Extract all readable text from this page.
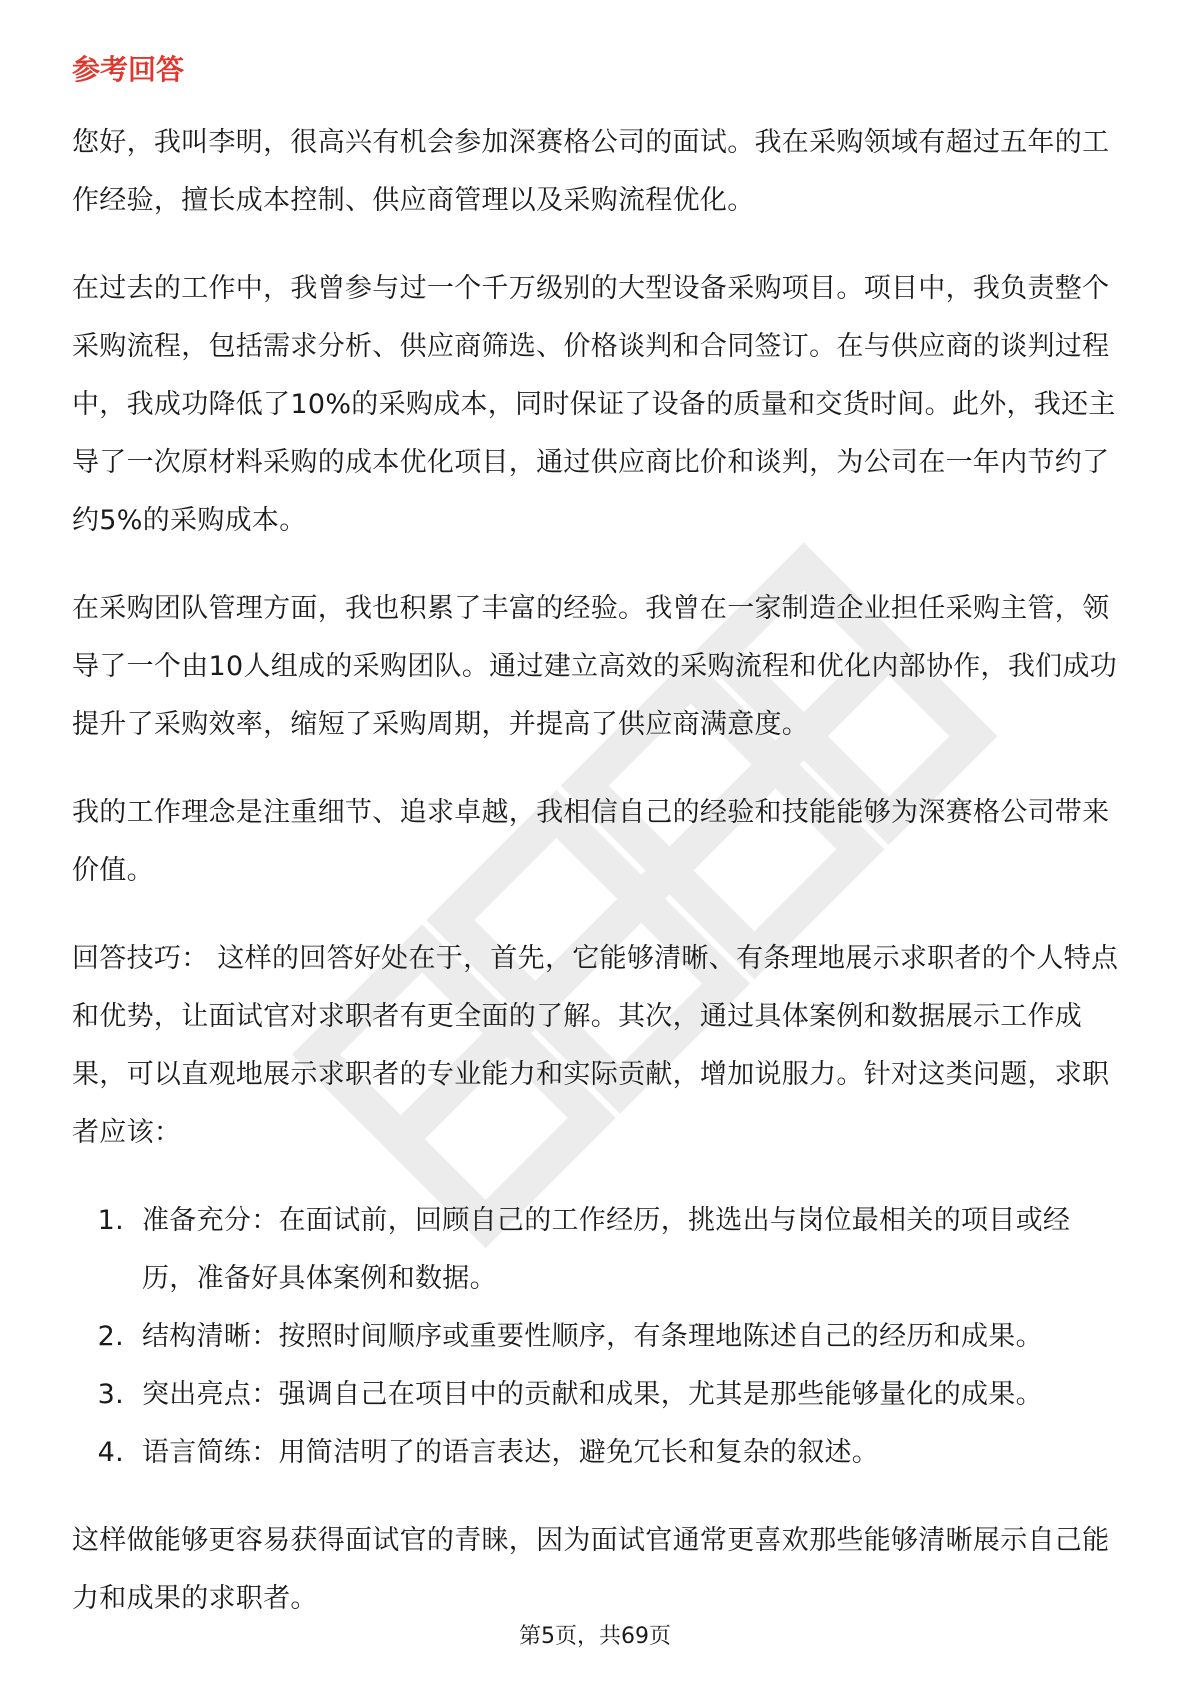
参考回答

您好，我叫李明，很高兴有机会参加深赛格公司的面试。我在采购领域有超过五年的工作经验，擅长成本控制、供应商管理以及采购流程优化。

在过去的工作中，我曾参与过一个千万级别的大型设备采购项目。项目中，我负责整个采购流程，包括需求分析、供应商筛选、价格谈判和合同签订。在与供应商的谈判过程中，我成功降低了10%的采购成本，同时保证了设备的质量和交货时间。此外，我还主导了一次原材料采购的成本优化项目，通过供应商比价和谈判，为公司在一年内节约了约5%的采购成本。

在采购团队管理方面，我也积累了丰富的经验。我曾在一家制造企业担任采购主管，领导了一个由10人组成的采购团队。通过建立高效的采购流程和优化内部协作，我们成功提升了采购效率，缩短了采购周期，并提高了供应商满意度。

我的工作理念是注重细节、追求卓越，我相信自己的经验和技能能够为深赛格公司带来价值。

回答技巧： 这样的回答好处在于，首先，它能够清晰、有条理地展示求职者的个人特点和优势，让面试官对求职者有更全面的了解。其次，通过具体案例和数据展示工作成果，可以直观地展示求职者的专业能力和实际贡献，增加说服力。针对这类问题，求职者应该：

1. 准备充分：在面试前，回顾自己的工作经历，挑选出与岗位最相关的项目或经历，准备好具体案例和数据。
2. 结构清晰：按照时间顺序或重要性顺序，有条理地陈述自己的经历和成果。
3. 突出亮点：强调自己在项目中的贡献和成果，尤其是那些能够量化的成果。
4. 语言简练：用简洁明了的语言表达，避免冗长和复杂的叙述。

这样做能够更容易获得面试官的青睐，因为面试官通常更喜欢那些能够清晰展示自己能力和成果的求职者。

第5页，共69页
